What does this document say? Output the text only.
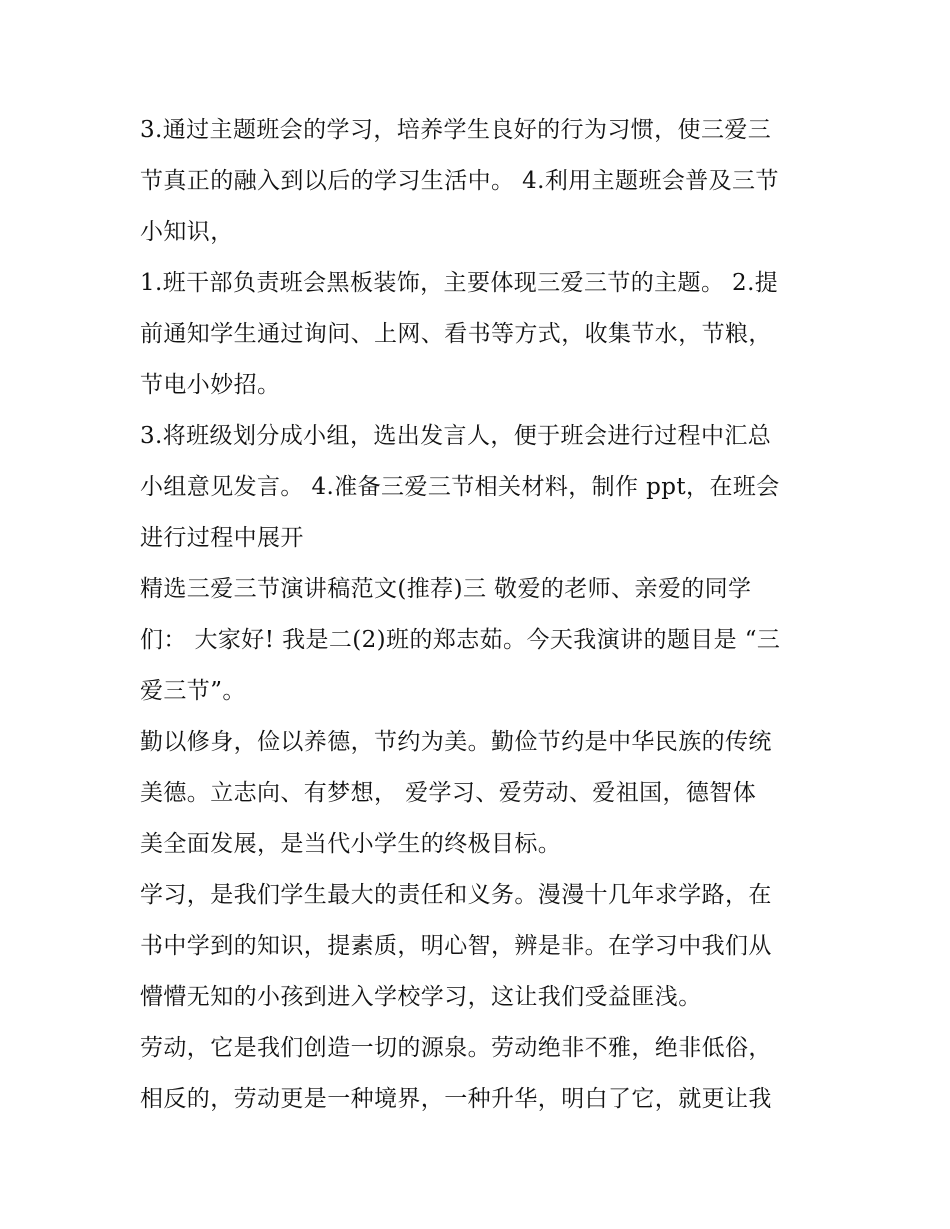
3.通过主题班会的学习，培养学生良好的行为习惯，使三爱三
节真正的融入到以后的学习生活中。 4.利用主题班会普及三节
小知识，
1.班干部负责班会黑板装饰，主要体现三爱三节的主题。 2.提
前通知学生通过询问、上网、看书等方式，收集节水，节粮，
节电小妙招。
3.将班级划分成小组，选出发言人，便于班会进行过程中汇总
小组意见发言。 4.准备三爱三节相关材料，制作 ppt，在班会
进行过程中展开
精选三爱三节演讲稿范文(推荐)三 敬爱的老师、亲爱的同学
们： 大家好! 我是二(2)班的郑志茹。今天我演讲的题目是 “三
爱三节”。
勤以修身，俭以养德，节约为美。勤俭节约是中华民族的传统
美德。立志向、有梦想， 爱学习、爱劳动、爱祖国，德智体
美全面发展，是当代小学生的终极目标。
学习，是我们学生最大的责任和义务。漫漫十几年求学路，在
书中学到的知识，提素质，明心智，辨是非。在学习中我们从
懵懵无知的小孩到进入学校学习，这让我们受益匪浅。
劳动，它是我们创造一切的源泉。劳动绝非不雅，绝非低俗，
相反的，劳动更是一种境界，一种升华，明白了它，就更让我
